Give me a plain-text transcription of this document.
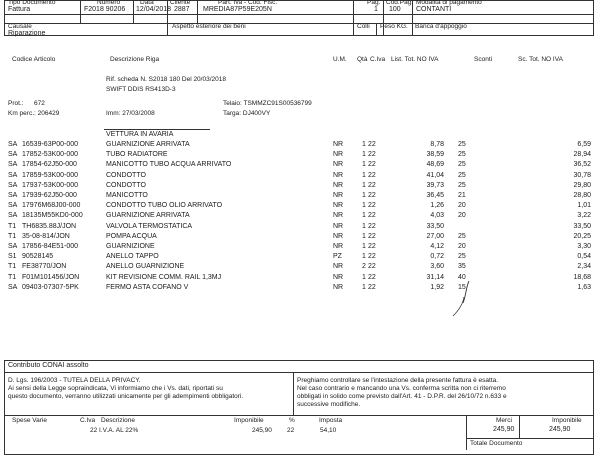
Tipo Documento	Numero	Data	Cliente	Part. Iva - Cod. Fisc.	Pag. Cod.Pag. Modalità di pagamento
Fattura	F2018 90206 12/04/2018 2887 MREDIA87P59E205N	1 100 CONTANTI
Causale
Riparazione
Aspetto esteriore dei beni	Colli Peso KG. Banca d'appoggio
Codice Articolo	Descrizione Riga	U.M. Qtà C.Iva List. Tot. NO IVA	Sconti	Sc. Tot. NO IVA
Rif. scheda N. S2018 180 Del 20/03/2018
SWIFT DDIS RS413D-3
Prot.: 672
Km perc.: 206429	Imm: 27/03/2008
Telaio: TSMMZC91S00536799
Targa: DJ400VY
VETTURA IN AVARIA
SA 16539-63P00-000	GUARNIZIONE ARRIVATA	NR	1 22	8,78 25	6,59
SA 17852-53K00-000	TUBO RADIATORE	NR	1 22	38,59 25	28,94
SA 17854-62J50-000	MANICOTTO TUBO ACQUA ARRIVATO	NR	1 22	48,69 25	36,52
SA 17859-53K00-000	CONDOTTO	NR	1 22	41,04 25	30,78
SA 17937-53K00-000	CONDOTTO	NR	1 22	39,73 25	29,80
SA 17939-62J50-000	MANICOTTO	NR	1 22	36,45 21	28,80
SA 17976M68J00-000	CONDOTTO TUBO OLIO ARRIVATO	NR	1 22	1,26 20	1,01
SA 18135M55KD0-000	GUARNIZIONE ARRIVATA	NR	1 22	4,03 20	3,22
T1 TH6835.88J/JON	VALVOLA TERMOSTATICA	NR	1 22	33,50	33,50
T1 35-08-814/JON	POMPA ACQUA	NR	1 22	27,00 25	20,25
SA 17856-84E51-000	GUARNIZIONE	NR	1 22	4,12 20	3,30
S1 90528145	ANELLO TAPPO	PZ	1 22	0,72 25	0,54
T1 FE38770/JON	ANELLO GUARNIZIONE	NR	2 22	3,60 35	2,34
T1 F01M101456/JON	KIT REVISIONE COMM. RAIL 1,3MJ	NR	1 22	31,14 40	18,68
SA 09403-07307-5PK	FERMO ASTA COFANO V	NR	1 22	1,92 15	1,63
Contributo CONAI assolto
D. Lgs. 196/2003 - TUTELA DELLA PRIVACY.
Ai sensi della Legge sopraindicata, Vi informiamo che i Vs. dati, riportati su
questo documento, verranno utilizzati unicamente per gli adempimenti obbligatori.
Preghiamo controllare se l'intestazione della presente fattura è esatta.
Nel caso contrario e mancando una Vs. conferma scritta non ci riterremo
obbligati in solido come previsto dall'Art. 41 - D.P.R. del 26/10/72 n.633 e
successive modifiche.
Spese Varie	C.Iva Descrizione	Imponibile	%	Imposta	Merci	Imponibile
22 I.V.A. AL 22%	245,90 22	54,10	245,90	245,90
Totale Documento
